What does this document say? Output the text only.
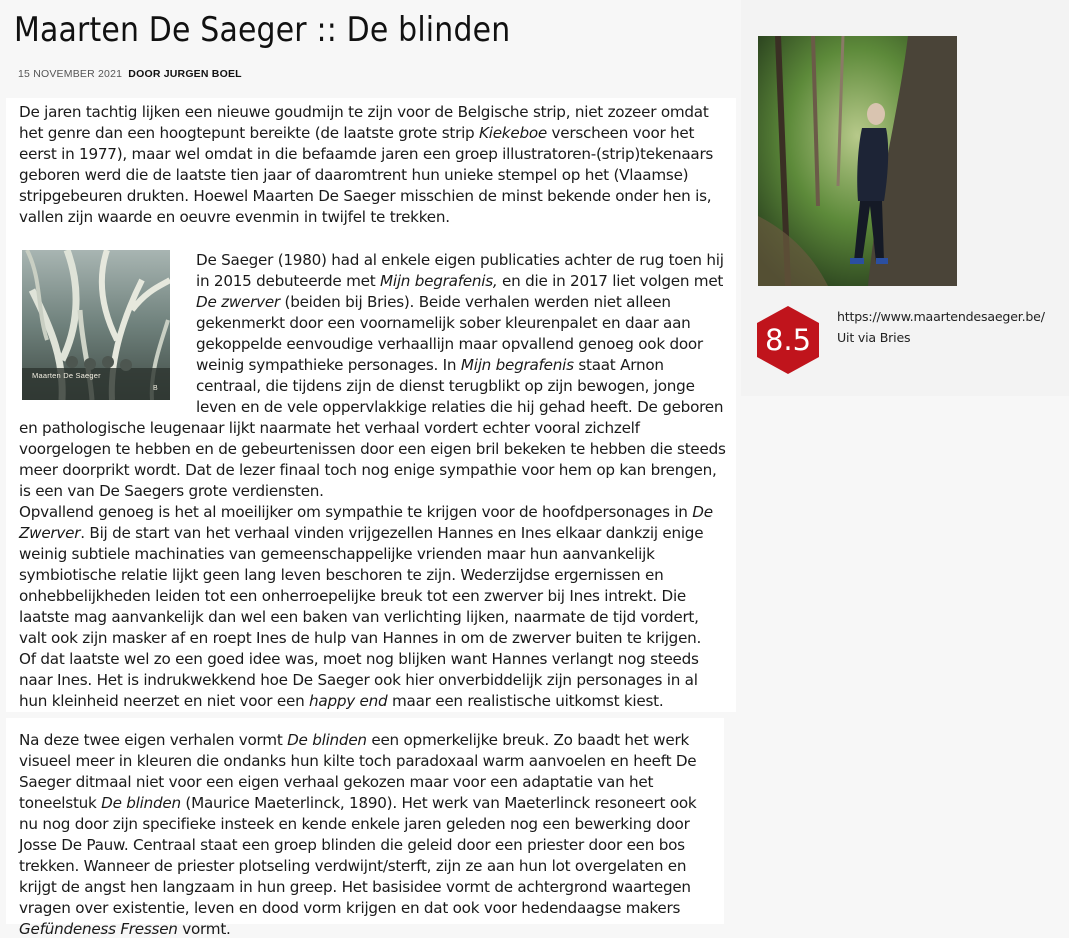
Maarten De Saeger :: De blinden
15 NOVEMBER 2021 DOOR JURGEN BOEL

De jaren tachtig lijken een nieuwe goudmijn te zijn voor de Belgische strip, niet zozeer omdat het genre dan een hoogtepunt bereikte (de laatste grote strip Kiekeboe verscheen voor het eerst in 1977), maar wel omdat in die befaamde jaren een groep illustratoren-(strip)tekenaars geboren werd die de laatste tien jaar of daaromtrent hun unieke stempel op het (Vlaamse) stripgebeuren drukten. Hoewel Maarten De Saeger misschien de minst bekende onder hen is, vallen zijn waarde en oeuvre evenmin in twijfel te trekken.

B
Maarten De Saeger
De Saeger (1980) had al enkele eigen publicaties achter de rug toen hij in 2015 debuteerde met Mijn begrafenis, en die in 2017 liet volgen met De zwerver (beiden bij Bries). Beide verhalen werden niet alleen gekenmerkt door een voornamelijk sober kleurenpalet en daar aan gekoppelde eenvoudige verhaallijn maar opvallend genoeg ook door weinig sympathieke personages. In Mijn begrafenis staat Arnon centraal, die tijdens zijn de dienst terugblikt op zijn bewogen, jonge leven en de vele oppervlakkige relaties die hij gehad heeft. De geboren en pathologische leugenaar lijkt naarmate het verhaal vordert echter vooral zichzelf voorgelogen te hebben en de gebeurtenissen door een eigen bril bekeken te hebben die steeds meer doorprikt wordt. Dat de lezer finaal toch nog enige sympathie voor hem op kan brengen, is een van De Saegers grote verdiensten.

Opvallend genoeg is het al moeilijker om sympathie te krijgen voor de hoofdpersonages in De Zwerver. Bij de start van het verhaal vinden vrijgezellen Hannes en Ines elkaar dankzij enige weinig subtiele machinaties van gemeenschappelijke vrienden maar hun aanvankelijk symbiotische relatie lijkt geen lang leven beschoren te zijn. Wederzijdse ergernissen en onhebbelijkheden leiden tot een onherroepelijke breuk tot een zwerver bij Ines intrekt. Die laatste mag aanvankelijk dan wel een baken van verlichting lijken, naarmate de tijd vordert, valt ook zijn masker af en roept Ines de hulp van Hannes in om de zwerver buiten te krijgen. Of dat laatste wel zo een goed idee was, moet nog blijken want Hannes verlangt nog steeds naar Ines. Het is indrukwekkend hoe De Saeger ook hier onverbiddelijk zijn personages in al hun kleinheid neerzet en niet voor een happy end maar een realistische uitkomst kiest.

Na deze twee eigen verhalen vormt De blinden een opmerkelijke breuk. Zo baadt het werk visueel meer in kleuren die ondanks hun kilte toch paradoxaal warm aanvoelen en heeft De Saeger ditmaal niet voor een eigen verhaal gekozen maar voor een adaptatie van het toneelstuk De blinden (Maurice Maeterlinck, 1890). Het werk van Maeterlinck resoneert ook nu nog door zijn specifieke insteek en kende enkele jaren geleden nog een bewerking door Josse De Pauw. Centraal staat een groep blinden die geleid door een priester door een bos trekken. Wanneer de priester plotseling verdwijnt/sterft, zijn ze aan hun lot overgelaten en krijgt de angst hen langzaam in hun greep. Het basisidee vormt de achtergrond waartegen vragen over existentie, leven en dood vorm krijgen en dat ook voor hedendaagse makers Gefündeness Fressen vormt.

8.5
https://www.maartendesaeger.be/
Uit via Bries
